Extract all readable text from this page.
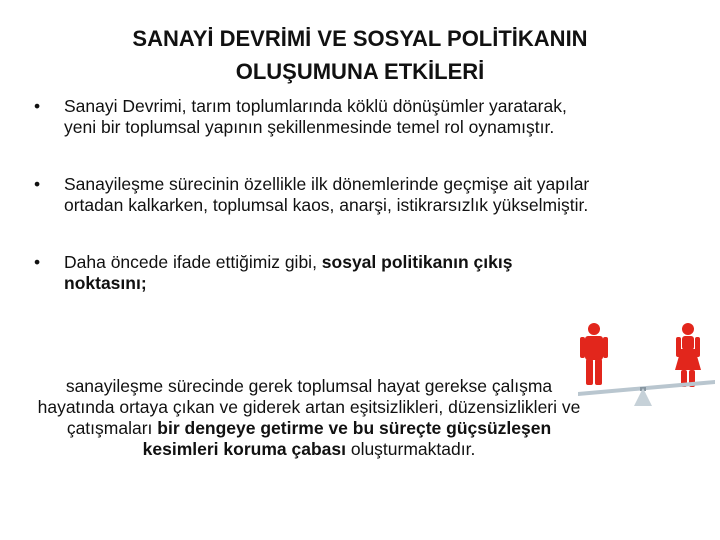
SANAYİ DEVRİMİ VE SOSYAL POLİTİKANIN
OLUŞUMUNA ETKİLERİ
• Sanayi Devrimi, tarım toplumlarında köklü dönüşümler yaratarak, yeni bir toplumsal yapının şekillenmesinde temel rol oynamıştır.
• Sanayileşme sürecinin özellikle ilk dönemlerinde geçmişe ait yapılar ortadan kalkarken, toplumsal kaos, anarşi, istikrarsızlık yükselmiştir.
• Daha öncede ifade ettiğimiz gibi, sosyal politikanın çıkış noktasını;
sanayileşme sürecinde gerek toplumsal hayat gerekse çalışma hayatında ortaya çıkan ve giderek artan eşitsizlikleri, düzensizlikleri ve çatışmaları bir dengeye getirme ve bu süreçte güçsüzleşen kesimleri koruma çabası oluşturmaktadır.
